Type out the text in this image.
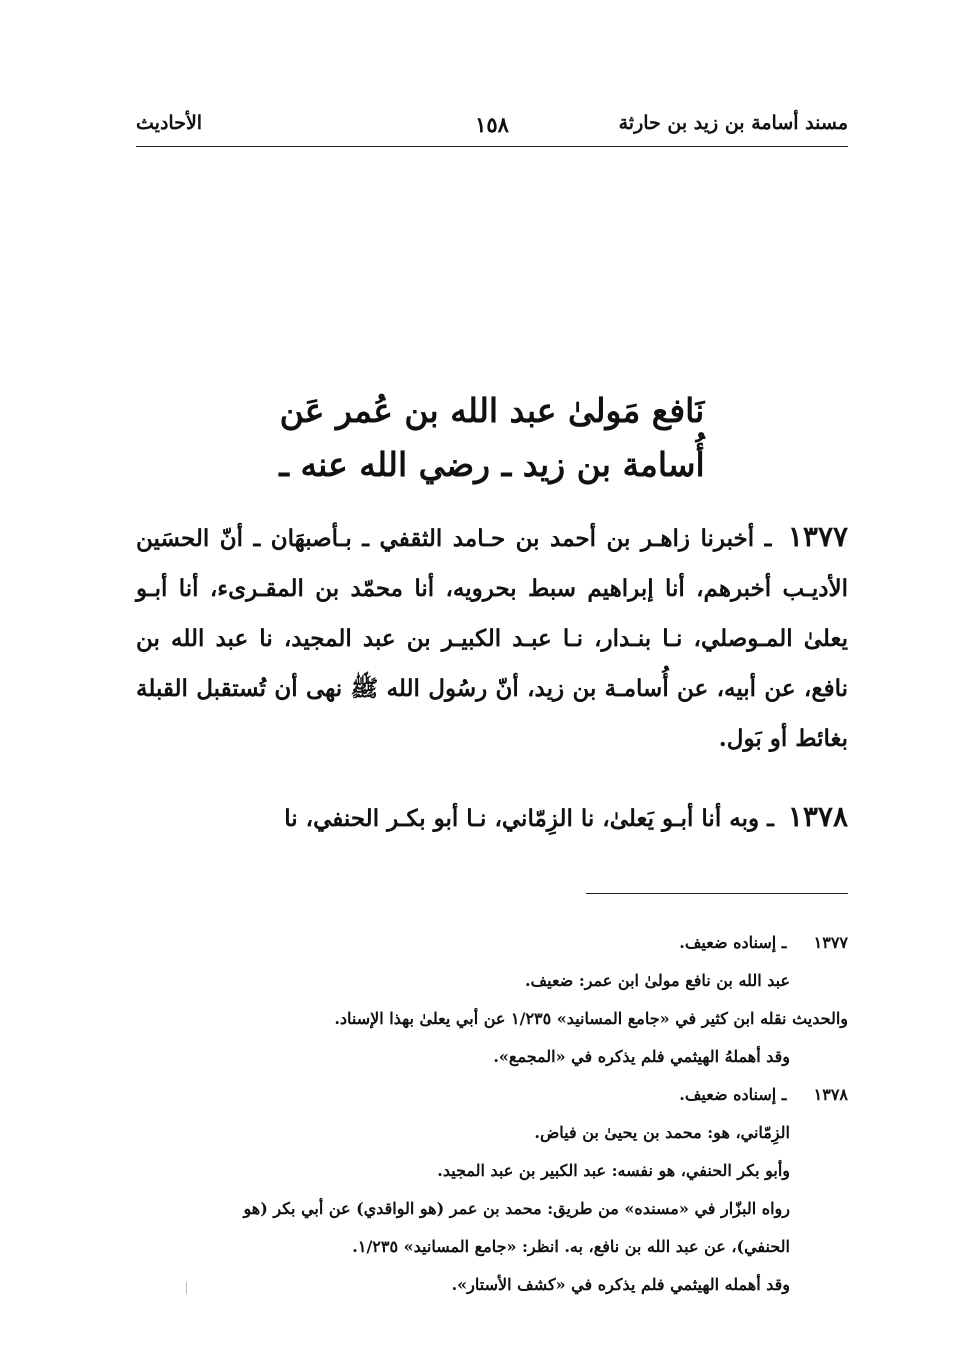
مسند أسامة بن زيد بن حارثة
١٥٨
الأحاديث
نَافع مَولىٰ عبد الله بن عُمر عَن
أُسامة بن زيد ـ رضي الله عنه ـ
١٣٧٧ ـ أخبرنا زاهـر بن أحمد بن حـامد الثقفي ـ بـأصبهَان ـ أنّ الحسَين الأديـب أخبرهم، أنا إبراهيم سبط بحرويه، أنا محمّد بن المقـرىء، أنا أبـو يعلىٰ المـوصلي، نـا بنـدار، نـا عبـد الكبيـر بن عبد المجيد، نا عبد الله بن نافع، عن أبيه، عن أُسامـة بن زيد، أنّ رسُول الله ﷺ نهى أن تُستقبل القبلة بغائط أو بَول.
١٣٧٨ ـ وبه أنا أبـو يَعلىٰ، نا الزِمّاني، نـا أبو بكـر الحنفي، نا
١٣٧٧ ـ إسناده ضعيف.
عبد الله بن نافع مولىٰ ابن عمر: ضعيف.
والحديث نقله ابن كثير في «جامع المسانيد» ١/٢٣٥ عن أبي يعلىٰ بهذا الإسناد.
وقد أهملهُ الهيثمي فلم يذكره في «المجمع».
١٣٧٨ ـ إسناده ضعيف.
الزِمّاني، هو: محمد بن يحيىٰ بن فياض.
وأبو بكر الحنفي، هو نفسه: عبد الكبير بن عبد المجيد.
رواه البزّار في «مسنده» من طريق: محمد بن عمر (هو الواقدي) عن أبي بكر (هو
الحنفي)، عن عبد الله بن نافع، به. انظر: «جامع المسانيد» ١/٢٣٥.
وقد أهمله الهيثمي فلم يذكره في «كشف الأستار».
